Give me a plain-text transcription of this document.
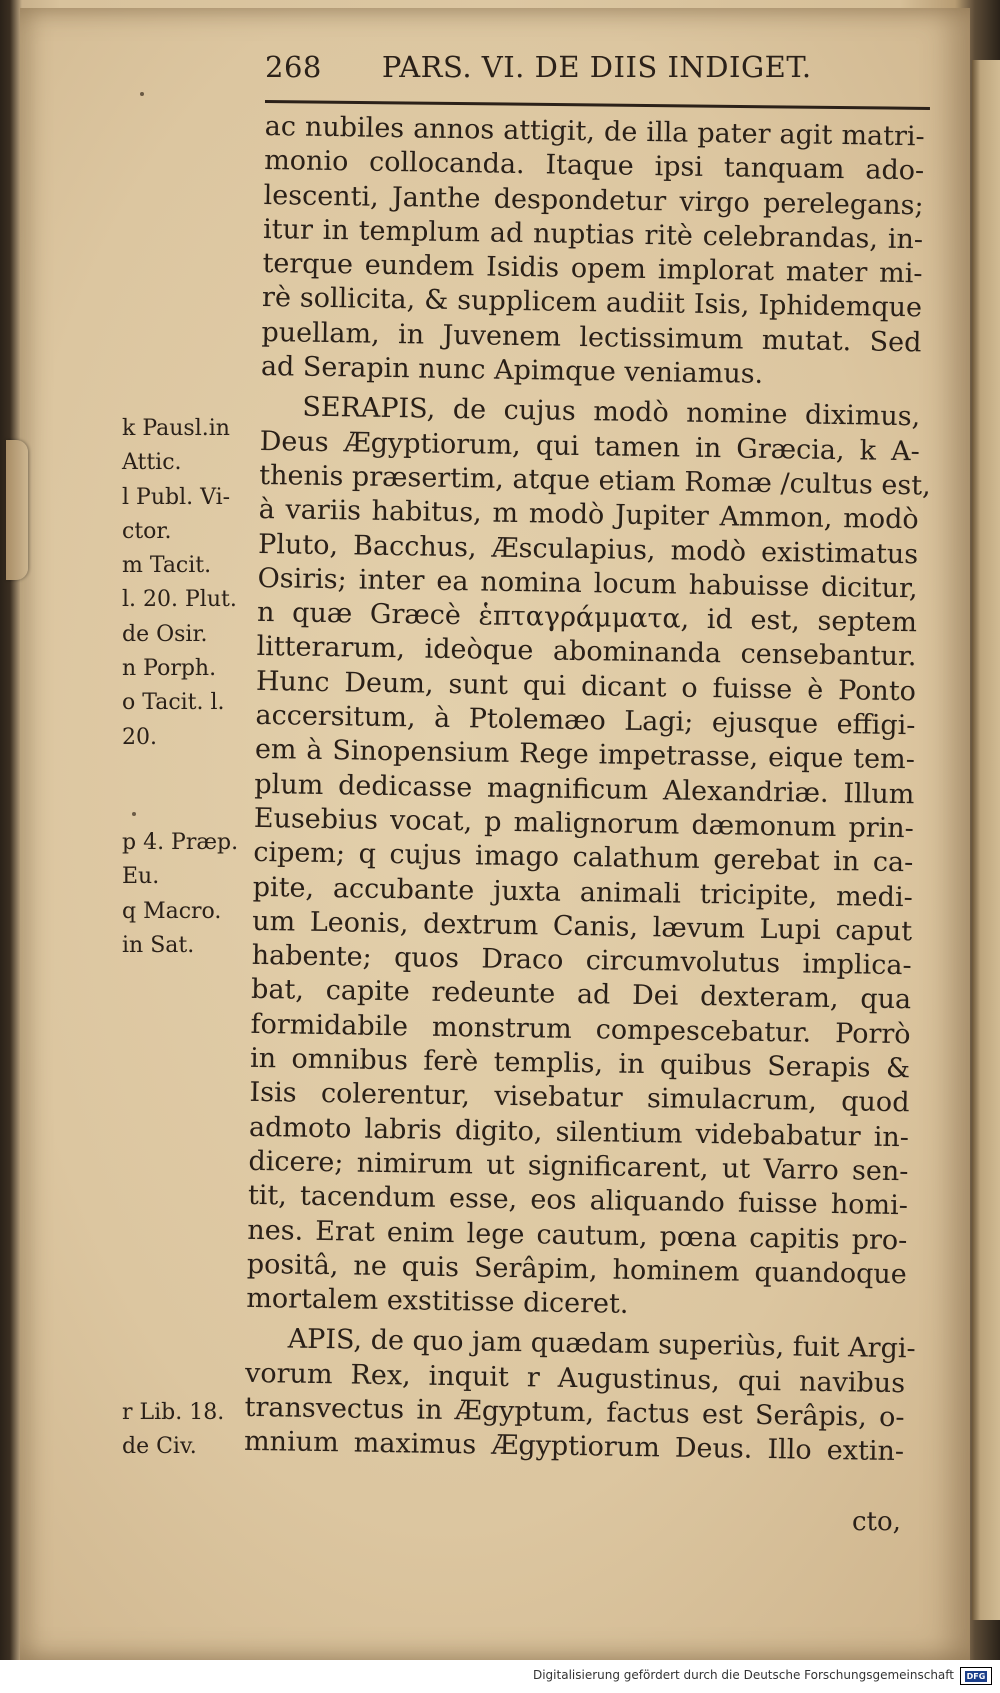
268 PARS. VI. DE DIIS INDIGET.
ac nubiles annos attigit, de illa pater agit matri-
monio collocanda. Itaque ipsi tanquam ado-
lescenti, Janthe despondetur virgo perelegans;
itur in templum ad nuptias ritè celebrandas, in-
terque eundem Isidis opem implorat mater mi-
rè sollicita, & supplicem audiit Isis, Iphidemque
puellam, in Juvenem lectissimum mutat. Sed
ad Serapin nunc Apimque veniamus.
SERAPIS, de cujus modò nomine diximus,
Deus Ægyptiorum, qui tamen in Græcia, k A-
thenis præsertim, atque etiam Romæ /cultus est,
à variis habitus, m modò Jupiter Ammon, modò
Pluto, Bacchus, Æsculapius, modò existimatus
Osiris; inter ea nomina locum habuisse dicitur,
n quæ Græcè ἑπταγράμματα, id est, septem
litterarum, ideòque abominanda censebantur.
Hunc Deum, sunt qui dicant o fuisse è Ponto
accersitum, à Ptolemæo Lagi; ejusque effigi-
em à Sinopensium Rege impetrasse, eique tem-
plum dedicasse magnificum Alexandriæ. Illum
Eusebius vocat, p malignorum dæmonum prin-
cipem; q cujus imago calathum gerebat in ca-
pite, accubante juxta animali tricipite, medi-
um Leonis, dextrum Canis, lævum Lupi caput
habente; quos Draco circumvolutus implica-
bat, capite redeunte ad Dei dexteram, qua
formidabile monstrum compescebatur. Porrò
in omnibus ferè templis, in quibus Serapis &
Isis colerentur, visebatur simulacrum, quod
admoto labris digito, silentium videbabatur in-
dicere; nimirum ut significarent, ut Varro sen-
tit, tacendum esse, eos aliquando fuisse homi-
nes. Erat enim lege cautum, pœna capitis pro-
positâ, ne quis Serâpim, hominem quandoque
mortalem exstitisse diceret.
APIS, de quo jam quædam superiùs, fuit Argi-
vorum Rex, inquit r Augustinus, qui navibus
transvectus in Ægyptum, factus est Serâpis, o-
mnium maximus Ægyptiorum Deus. Illo extin-
k Pausl.in
Attic.
l Publ. Vi-
ctor.
m Tacit.
l. 20. Plut.
de Osir.
n Porph.
o Tacit. l.
20.
p 4. Præp.
Eu.
q Macro.
in Sat.
r Lib. 18.
de Civ.
cto,
Digitalisierung gefördert durch die Deutsche Forschungsgemeinschaft DFG
